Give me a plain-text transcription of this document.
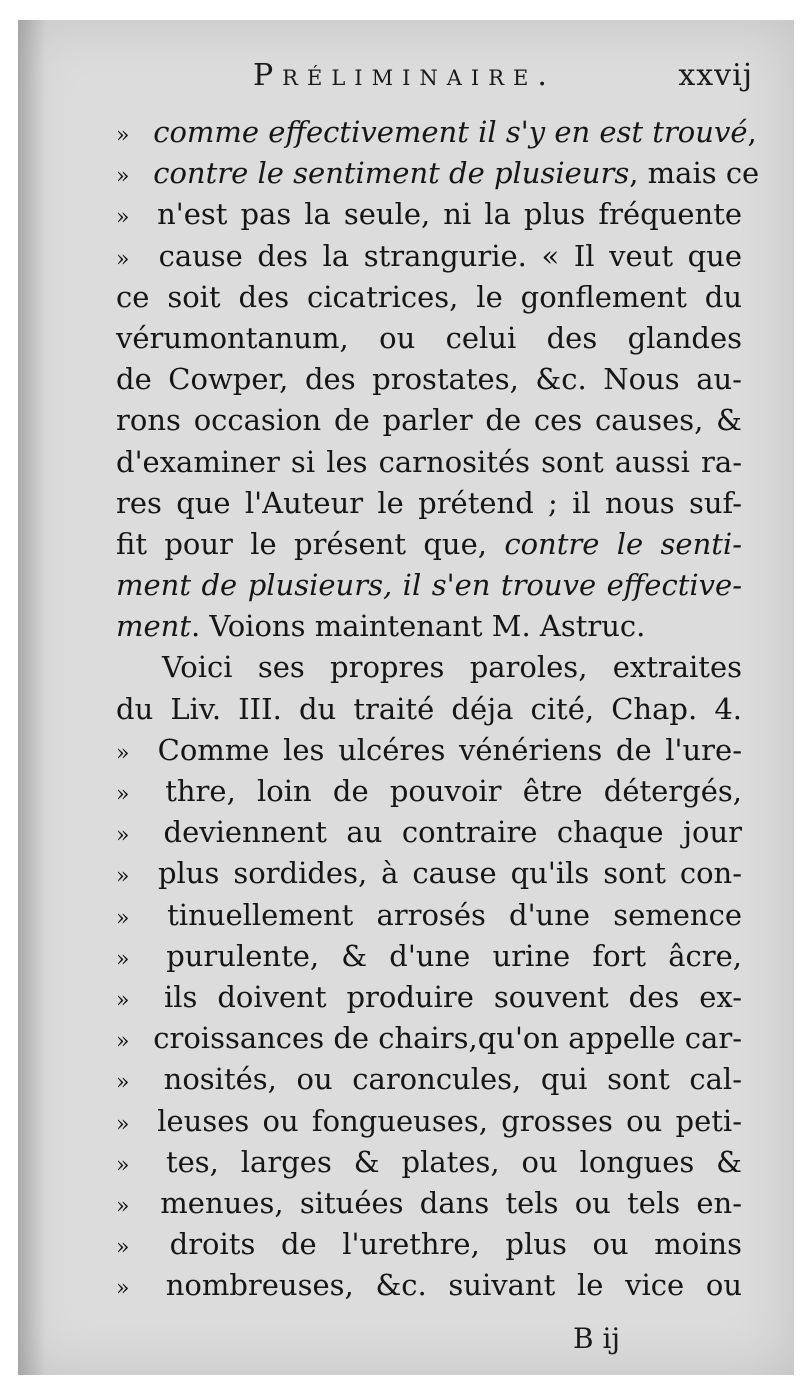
Préliminaire.	xxvij
» comme effectivement il s'y en est trouvé,
» contre le sentiment de plusieurs, mais ce
» n'est pas la seule, ni la plus fréquente
» cause des la strangurie. « Il veut que
ce soit des cicatrices, le gonflement du
vérumontanum, ou celui des glandes
de Cowper, des prostates, &c. Nous au-
rons occasion de parler de ces causes, &
d'examiner si les carnosités sont aussi ra-
res que l'Auteur le prétend ; il nous suf-
fit pour le présent que, contre le senti-
ment de plusieurs, il s'en trouve effective-
ment. Voions maintenant M. Astruc.
Voici ses propres paroles, extraites
du Liv. III. du traité déja cité, Chap. 4.
» Comme les ulcéres vénériens de l'ure-
» thre, loin de pouvoir être détergés,
» deviennent au contraire chaque jour
» plus sordides, à cause qu'ils sont con-
» tinuellement arrosés d'une semence
» purulente, & d'une urine fort âcre,
» ils doivent produire souvent des ex-
» croissances de chairs,qu'on appelle car-
» nosités, ou caroncules, qui sont cal-
» leuses ou fongueuses, grosses ou peti-
» tes, larges & plates, ou longues &
» menues, situées dans tels ou tels en-
» droits de l'urethre, plus ou moins
» nombreuses, &c. suivant le vice ou
B ij
